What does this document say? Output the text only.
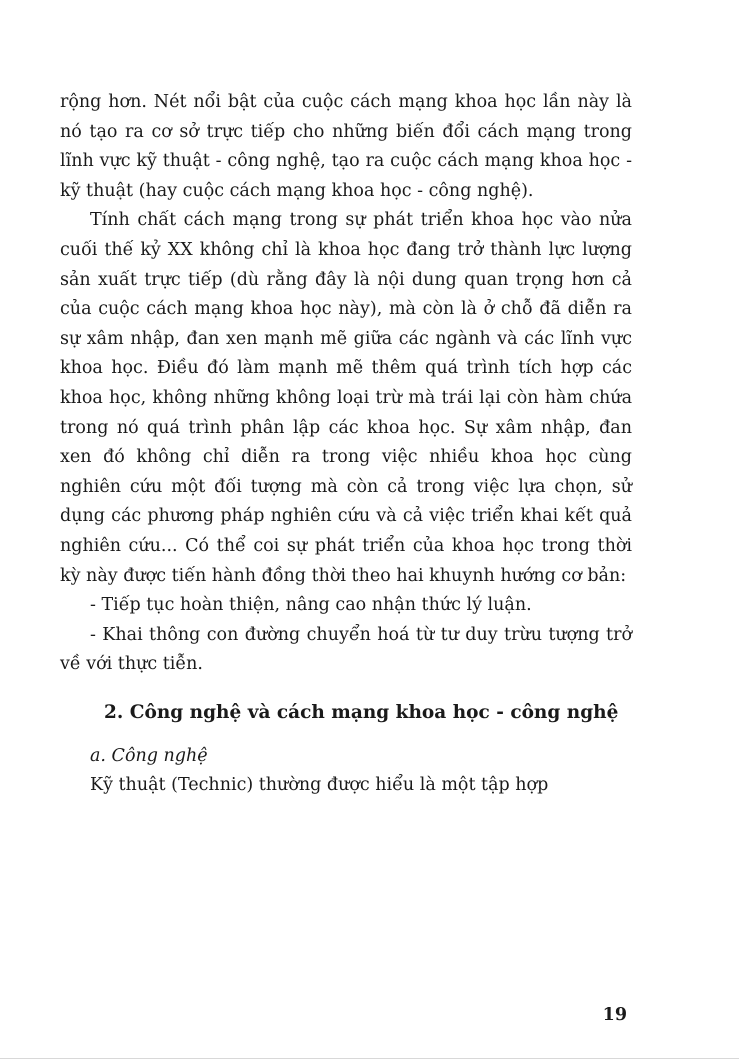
rộng hơn. Nét nổi bật của cuộc cách mạng khoa học lần này là nó tạo ra cơ sở trực tiếp cho những biến đổi cách mạng trong lĩnh vực kỹ thuật - công nghệ, tạo ra cuộc cách mạng khoa học - kỹ thuật (hay cuộc cách mạng khoa học - công nghệ).

Tính chất cách mạng trong sự phát triển khoa học vào nửa cuối thế kỷ XX không chỉ là khoa học đang trở thành lực lượng sản xuất trực tiếp (dù rằng đây là nội dung quan trọng hơn cả của cuộc cách mạng khoa học này), mà còn là ở chỗ đã diễn ra sự xâm nhập, đan xen mạnh mẽ giữa các ngành và các lĩnh vực khoa học. Điều đó làm mạnh mẽ thêm quá trình tích hợp các khoa học, không những không loại trừ mà trái lại còn hàm chứa trong nó quá trình phân lập các khoa học. Sự xâm nhập, đan xen đó không chỉ diễn ra trong việc nhiều khoa học cùng nghiên cứu một đối tượng mà còn cả trong việc lựa chọn, sử dụng các phương pháp nghiên cứu và cả việc triển khai kết quả nghiên cứu... Có thể coi sự phát triển của khoa học trong thời kỳ này được tiến hành đồng thời theo hai khuynh hướng cơ bản:

- Tiếp tục hoàn thiện, nâng cao nhận thức lý luận.

- Khai thông con đường chuyển hoá từ tư duy trừu tượng trở về với thực tiễn.

2. Công nghệ và cách mạng khoa học - công nghệ

a. Công nghệ

Kỹ thuật (Technic) thường được hiểu là một tập hợp

19
